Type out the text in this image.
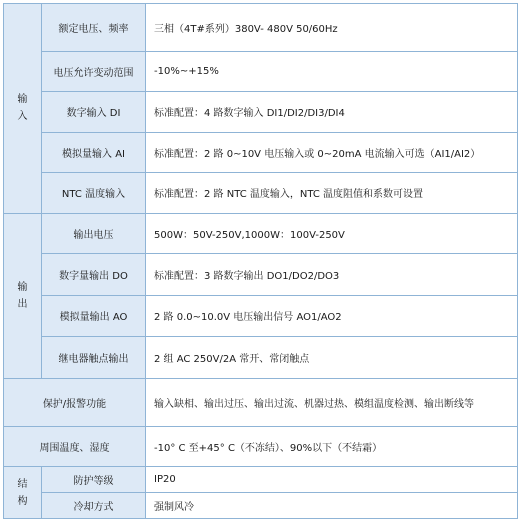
输入	额定电压、频率	三相（4T#系列）380V- 480V 50/60Hz
	电压允许变动范围	-10%~+15%
	数字输入 DI	标准配置：4 路数字输入 DI1/DI2/DI3/DI4
	模拟量输入 AI	标准配置：2 路 0~10V 电压输入或 0~20mA 电流输入可选（AI1/AI2）
	NTC 温度输入	标准配置：2 路 NTC 温度输入，NTC 温度阻值和系数可设置
输出	输出电压	500W：50V-250V,1000W：100V-250V
	数字量输出 DO	标准配置：3 路数字输出 DO1/DO2/DO3
	模拟量输出 AO	2 路 0.0~10.0V 电压输出信号 AO1/AO2
	继电器触点输出	2 组 AC 250V/2A 常开、常闭触点
保护/报警功能		输入缺相、输出过压、输出过流、机器过热、模组温度检测、输出断线等
周围温度、湿度		-10° C 至+45° C（不冻结）、90%以下（不结霜）
结构	防护等级	IP20
	冷却方式	强制风冷
